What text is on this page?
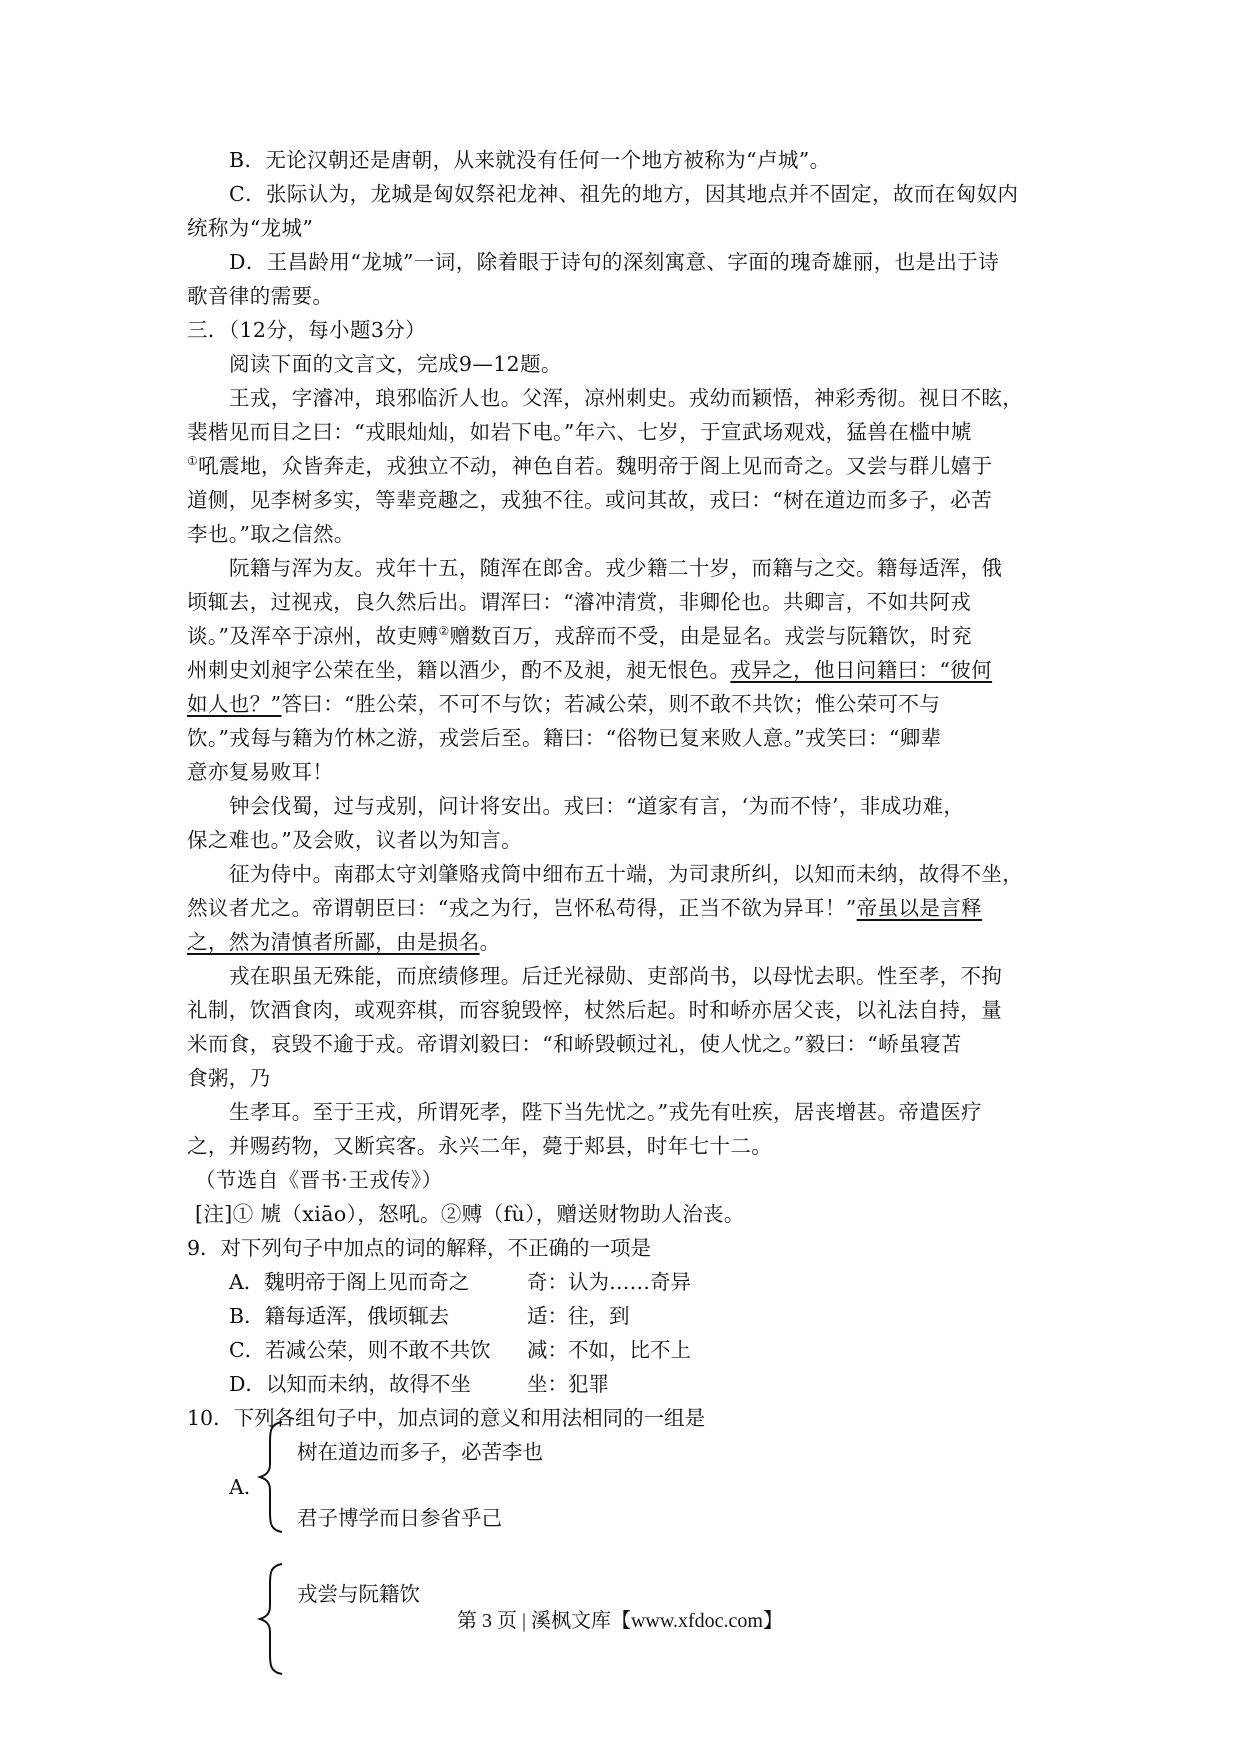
B．无论汉朝还是唐朝，从来就没有任何一个地方被称为“卢城”。
C．张际认为，龙城是匈奴祭祀龙神、祖先的地方，因其地点并不固定，故而在匈奴内
统称为“龙城”
D．王昌龄用“龙城”一词，除着眼于诗句的深刻寓意、字面的瑰奇雄丽，也是出于诗
歌音律的需要。
三．（12分，每小题3分）
阅读下面的文言文，完成9—12题。
王戎，字濬冲，琅邪临沂人也。父浑，凉州刺史。戎幼而颖悟，神彩秀彻。视日不眩，
裴楷见而目之曰：“戎眼灿灿，如岩下电。”年六、七岁，于宣武场观戏，猛兽在槛中虓
①吼震地，众皆奔走，戎独立不动，神色自若。魏明帝于阁上见而奇之。又尝与群儿嬉于
道侧，见李树多实，等辈竞趣之，戎独不往。或问其故，戎曰：“树在道边而多子，必苦
李也。”取之信然。
阮籍与浑为友。戎年十五，随浑在郎舍。戎少籍二十岁，而籍与之交。籍每适浑，俄
顷辄去，过视戎，良久然后出。谓浑曰：“濬冲清赏，非卿伦也。共卿言，不如共阿戎
谈。”及浑卒于凉州，故吏赙②赠数百万，戎辞而不受，由是显名。戎尝与阮籍饮，时兖
州刺史刘昶字公荣在坐，籍以酒少，酌不及昶，昶无恨色。戎异之，他日问籍曰：“彼何
如人也？”答曰：“胜公荣，不可不与饮；若减公荣，则不敢不共饮；惟公荣可不与
饮。”戎每与籍为竹林之游，戎尝后至。籍曰：“俗物已复来败人意。”戎笑曰：“卿辈
意亦复易败耳！
钟会伐蜀，过与戎别，问计将安出。戎曰：“道家有言，‘为而不恃’，非成功难，
保之难也。”及会败，议者以为知言。
征为侍中。南郡太守刘肇赂戎筒中细布五十端，为司隶所纠，以知而未纳，故得不坐，
然议者尤之。帝谓朝臣曰：“戎之为行，岂怀私苟得，正当不欲为异耳！”帝虽以是言释
之，然为清慎者所鄙，由是损名。
戎在职虽无殊能，而庶绩修理。后迁光禄勋、吏部尚书，以母忧去职。性至孝，不拘
礼制，饮酒食肉，或观弈棋，而容貌毁悴，杖然后起。时和峤亦居父丧，以礼法自持，量
米而食，哀毁不逾于戎。帝谓刘毅曰：“和峤毁顿过礼，使人忧之。”毅曰：“峤虽寝苫
食粥，乃
生孝耳。至于王戎，所谓死孝，陛下当先忧之。”戎先有吐疾，居丧增甚。帝遣医疗
之，并赐药物，又断宾客。永兴二年，薨于郏县，时年七十二。
（节选自《晋书·王戎传》）
[注]① 虓（xiāo），怒吼。②赙（fù），赠送财物助人治丧。
9．对下列句子中加点的词的解释，不正确的一项是
A．魏明帝于阁上见而奇之	奇：认为……奇异
B．籍每适浑，俄顷辄去	适：往，到
C．若减公荣，则不敢不共饮 减：不如，比不上
D．以知而未纳，故得不坐	坐：犯罪
10．下列各组句子中，加点词的意义和用法相同的一组是
树在道边而多子，必苦李也
A.
君子博学而日参省乎己
戎尝与阮籍饮
第 3 页 | 溪枫文库【www.xfdoc.com】
